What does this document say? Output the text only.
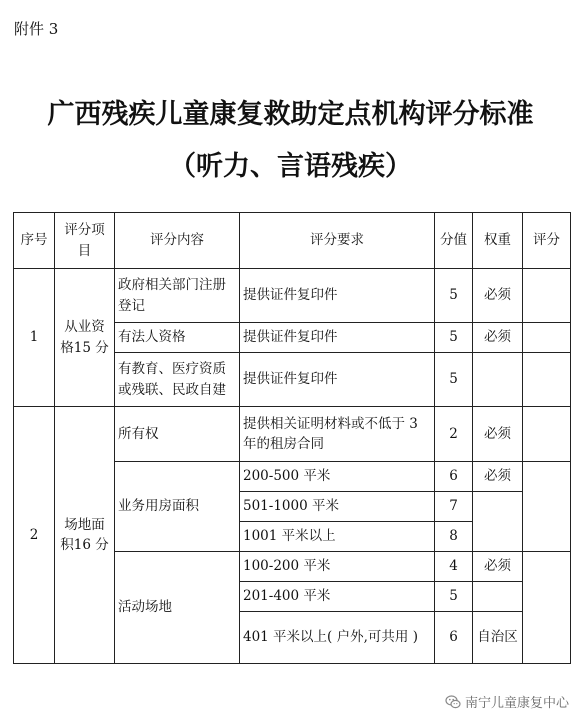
附件 3
广西残疾儿童康复救助定点机构评分标准
（听力、言语残疾）
序号	评分项目	评分内容	评分要求	分值	权重	评分
1	从业资格15 分	政府相关部门注册登记	提供证件复印件	5	必须	
		有法人资格	提供证件复印件	5	必须	
		有教育、医疗资质或残联、民政自建	提供证件复印件	5		
2	场地面积16 分	所有权	提供相关证明材料或不低于 3 年的租房合同	2	必须	
		业务用房面积	200-500 平米	6	必须	
			501-1000 平米	7		
			1001 平米以上	8		
		活动场地	100-200 平米	4	必须	
			201-400 平米	5		
			401 平米以上( 户外,可共用 )	6	自治区	
南宁儿童康复中心
